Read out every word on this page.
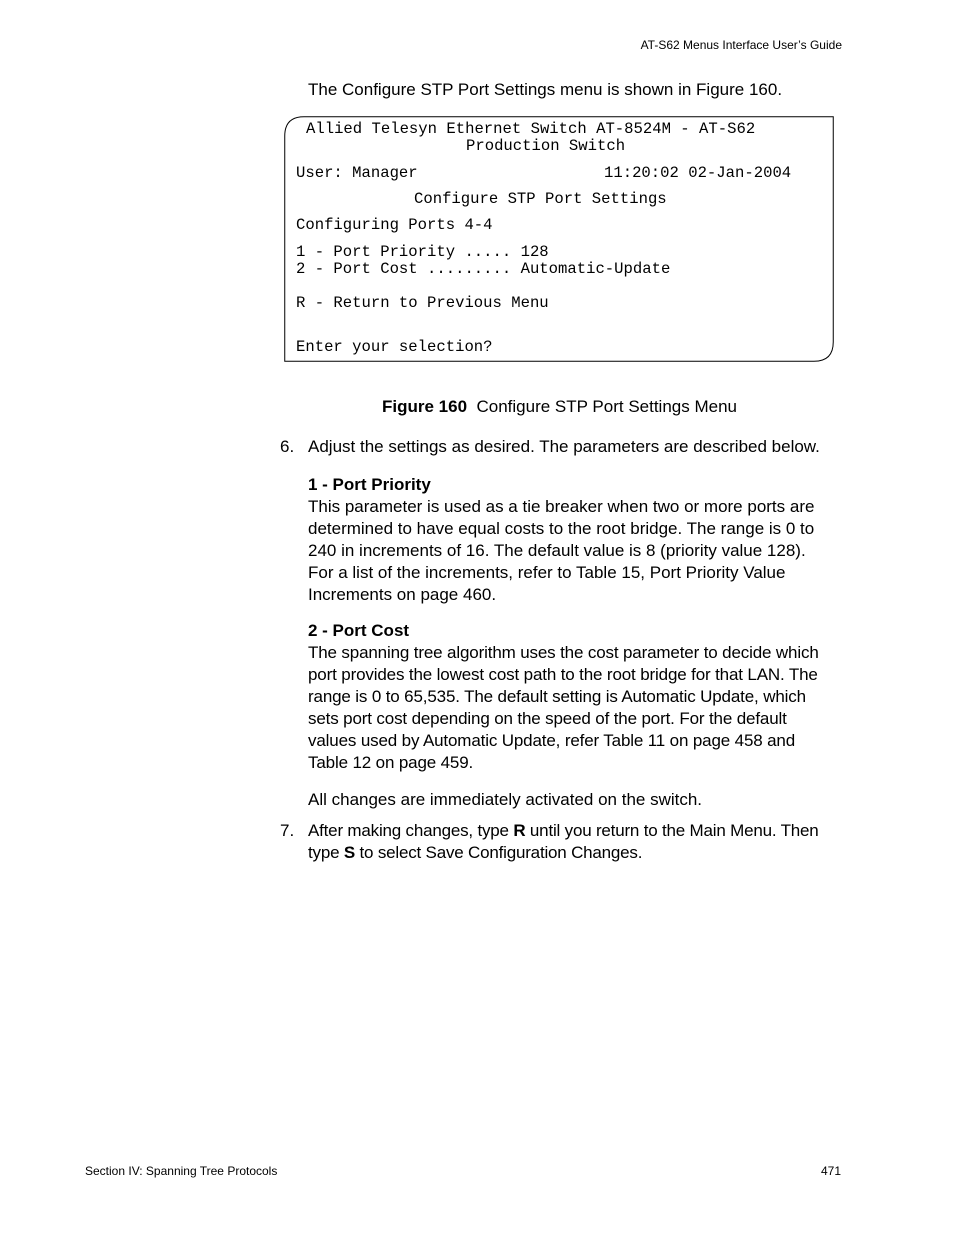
AT-S62 Menus Interface User’s Guide
The Configure STP Port Settings menu is shown in Figure 160.

Allied Telesyn Ethernet Switch AT-8524M - AT-S62

Production Switch

User: Manager

	11:20:02 02-Jan-2004

Configure STP Port Settings

Configuring Ports 4-4

1 - Port Priority ..... 128

2 - Port Cost ......... Automatic-Update

R - Return to Previous Menu

Enter your selection?

Figure 160 Configure STP Port Settings Menu
6. Adjust the settings as desired. The parameters are described below.
1 - Port Priority
This parameter is used as a tie breaker when two or more ports are determined to have equal costs to the root bridge. The range is 0 to 240 in increments of 16. The default value is 8 (priority value 128). For a list of the increments, refer to Table 15, Port Priority Value Increments on page 460.
2 - Port Cost
The spanning tree algorithm uses the cost parameter to decide which port provides the lowest cost path to the root bridge for that LAN. The range is 0 to 65,535. The default setting is Automatic Update, which sets port cost depending on the speed of the port. For the default values used by Automatic Update, refer Table 11 on page 458 and Table 12 on page 459.
All changes are immediately activated on the switch.
7. After making changes, type R until you return to the Main Menu. Then type S to select Save Configuration Changes.
Section IV: Spanning Tree Protocols	471
